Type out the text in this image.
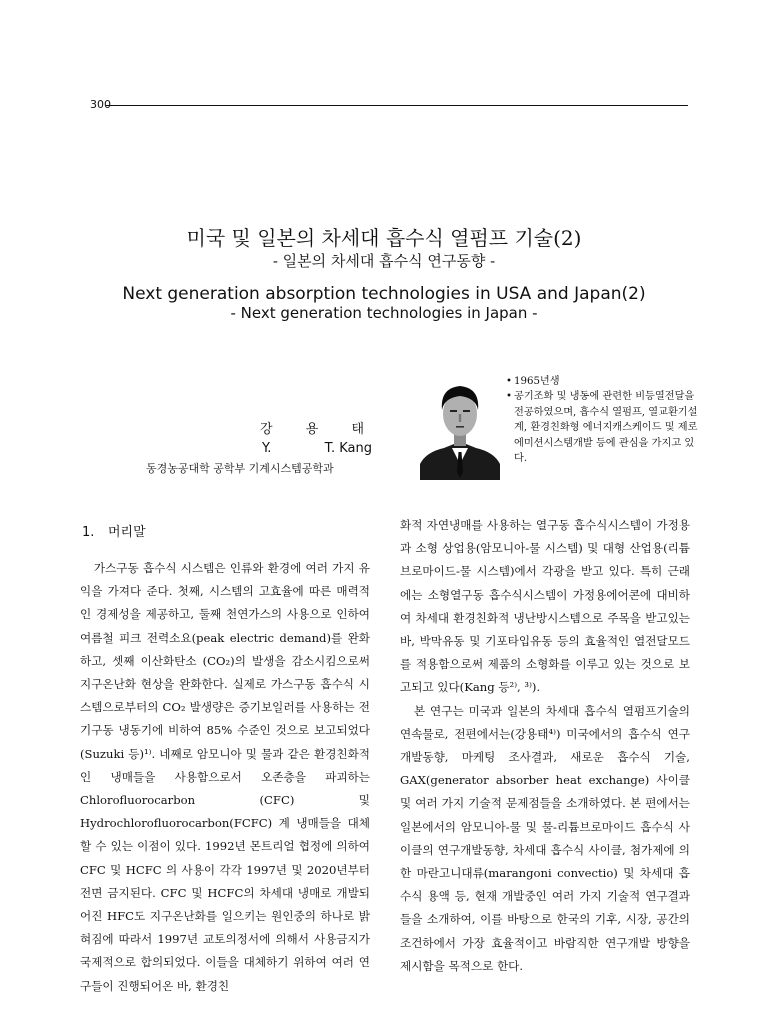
300
미국 및 일본의 차세대 흡수식 열펌프 기술(2)
- 일본의 차세대 흡수식 연구동향 -
Next generation absorption technologies in USA and Japan(2)
- Next generation technologies in Japan -
강	용	태
Y.	T. Kang
동경농공대학 공학부 기계시스템공학과
• 1965년생
• 공기조화 및 냉동에 관련한 비등열전달을 전공하였으며, 흡수식 열펌프, 열교환기설계, 환경친화형 에너지캐스케이드 및 제로에미션시스템개발 등에 관심을 가지고 있다.
1. 머리말

가스구동 흡수식 시스템은 인류와 환경에 여러 가지 유익을 가져다 준다. 첫째, 시스템의 고효율에 따른 매력적인 경제성을 제공하고, 둘째 천연가스의 사용으로 인하여 여름철 피크 전력소요(peak electric demand)를 완화하고, 셋째 이산화탄소 (CO₂)의 발생을 감소시킴으로써 지구온난화 현상을 완화한다. 실제로 가스구동 흡수식 시스템으로부터의 CO₂ 발생량은 증기보일러를 사용하는 전기구동 냉동기에 비하여 85% 수준인 것으로 보고되었다(Suzuki 등)¹⁾. 네째로 암모니아 및 물과 같은 환경친화적인 냉매들을 사용함으로서 오존층을 파괴하는 Chlorofluorocarbon (CFC) 및 Hydrochlorofluorocarbon(FCFC) 계 냉매들을 대체할 수 있는 이점이 있다. 1992년 몬트리얼 협정에 의하여 CFC 및 HCFC 의 사용이 각각 1997년 및 2020년부터 전면 금지된다. CFC 및 HCFC의 차세대 냉매로 개발되어진 HFC도 지구온난화를 일으키는 원인중의 하나로 밝혀짐에 따라서 1997년 교토의정서에 의해서 사용금지가 국제적으로 합의되었다. 이들을 대체하기 위하여 여러 연구들이 진행되어온 바, 환경친

화적 자연냉매를 사용하는 열구동 흡수식시스템이 가정용과 소형 상업용(암모니아-물 시스템) 및 대형 산업용(리튬브로마이드-물 시스템)에서 각광을 받고 있다. 특히 근래에는 소형열구동 흡수식시스템이 가정용에어콘에 대비하여 차세대 환경친화적 냉난방시스템으로 주목을 받고있는 바, 박막유동 및 기포타입유동 등의 효율적인 열전달모드를 적용함으로써 제품의 소형화를 이루고 있는 것으로 보고되고 있다(Kang 등²⁾, ³⁾).

본 연구는 미국과 일본의 차세대 흡수식 열펌프기술의 연속물로, 전편에서는(강용태⁴⁾) 미국에서의 흡수식 연구개발동향, 마케팅 조사결과, 새로운 흡수식 기술, GAX(generator absorber heat exchange) 사이클 및 여러 가지 기술적 문제점들을 소개하였다. 본 편에서는 일본에서의 암모니아-물 및 물-리튬브로마이드 흡수식 사이클의 연구개발동향, 차세대 흡수식 사이클, 첨가제에 의한 마란고니대류(marangoni convectio) 및 차세대 흡수식 용액 등, 현재 개발중인 여러 가지 기술적 연구결과들을 소개하여, 이를 바탕으로 한국의 기후, 시장, 공간의 조건하에서 가장 효율적이고 바람직한 연구개발 방향을 제시함을 목적으로 한다.
